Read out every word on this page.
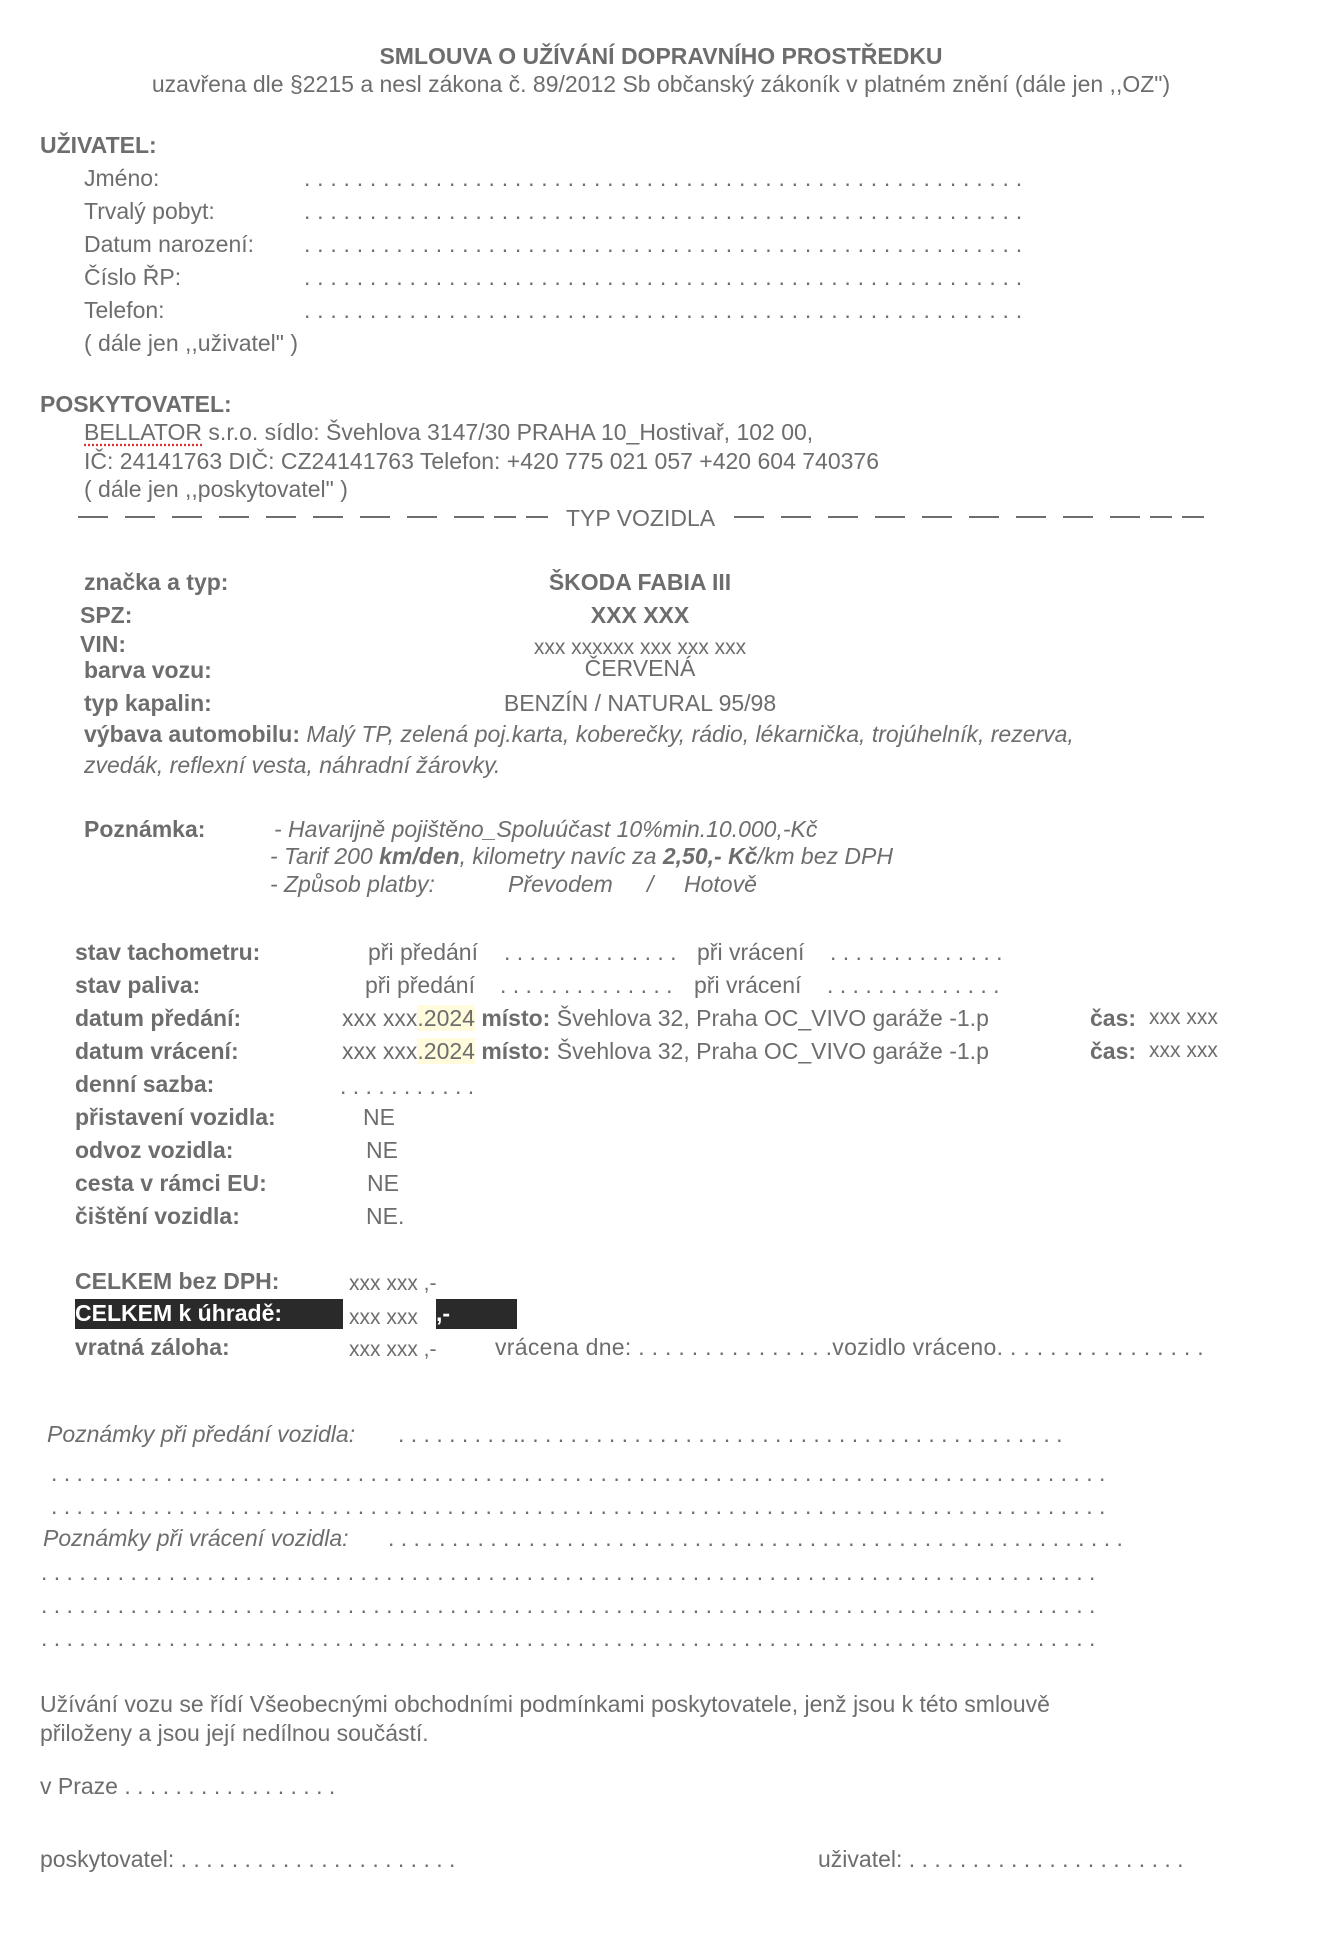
SMLOUVA O UŽÍVÁNÍ DOPRAVNÍHO PROSTŘEDKU
uzavřena dle §2215 a nesl zákona č. 89/2012 Sb občanský zákoník v platném znění (dále jen ,,OZ")
UŽIVATEL:
Jméno:	. . . . . . . . . . . . . . . . . . . . . . . . . . . . . . . . . . . . . . . . . . . . . . . . . . . . . . .
Trvalý pobyt:	. . . . . . . . . . . . . . . . . . . . . . . . . . . . . . . . . . . . . . . . . . . . . . . . . . . . . . .
Datum narození: . . . . . . . . . . . . . . . . . . . . . . . . . . . . . . . . . . . . . . . . . . . . . . . . . . . . . . .
Číslo ŘP:	. . . . . . . . . . . . . . . . . . . . . . . . . . . . . . . . . . . . . . . . . . . . . . . . . . . . . . .
Telefon:	. . . . . . . . . . . . . . . . . . . . . . . . . . . . . . . . . . . . . . . . . . . . . . . . . . . . . . .
( dále jen ,,uživatel" )
POSKYTOVATEL:
BELLATOR s.r.o. sídlo: Švehlova 3147/30 PRAHA 10_Hostivař, 102 00,
IČ: 24141763 DIČ: CZ24141763 Telefon: +420 775 021 057 +420 604 740376
( dále jen ,,poskytovatel" )
TYP VOZIDLA
značka a typ:	ŠKODA FABIA III
SPZ:	XXX XXX
VIN:	xxx xxxxxx xxx xxx xxx
barva vozu:	ČERVENÁ
typ kapalin:	BENZÍN / NATURAL 95/98
výbava automobilu: Malý TP, zelená poj.karta, koberečky, rádio, lékarnička, trojúhelník, rezerva,
zvedák, reflexní vesta, náhradní žárovky.
Poznámka:	- Havarijně pojištěno_Spoluúčast 10%min.10.000,-Kč
- Tarif 200 km/den, kilometry navíc za 2,50,- Kč/km bez DPH
- Způsob platby:	Převodem / Hotově
stav tachometru:	při předání . . . . . . . . . . . . . . při vrácení . . . . . . . . . . . . . .
stav paliva:	při předání . . . . . . . . . . . . . . při vrácení . . . . . . . . . . . . . .
datum předání:	xxx xxx.2024 místo: Švehlova 32, Praha OC_VIVO garáže -1.p	čas: xxx xxx
datum vrácení:	xxx xxx.2024 místo: Švehlova 32, Praha OC_VIVO garáže -1.p	čas: xxx xxx
denní sazba:	. . . . . . . . . . .
přistavení vozidla:	NE
odvoz vozidla:	NE
cesta v rámci EU:	NE
čištění vozidla:	NE.
CELKEM bez DPH:	xxx xxx ,-
CELKEM k úhradě:	xxx xxx ,-
vratná záloha:	xxx xxx ,-	vrácena dne: . . . . . . . . . . . . . . .vozidlo vráceno. . . . . . . . . . . . . . . .
Poznámky při předání vozidla: . . . . . . . . . .. . . . . . . . . . . . . . . . . . . . . . . . . . . . . . . . . . . . . . . . . . .
. . . . . . . . . . . . . . . . . . . . . . . . . . . . . . . . . . . . . . . . . . . . . . . . . . . . . . . . . . . . . . . . . . . . . . . . . . . . . . . . . . .
. . . . . . . . . . . . . . . . . . . . . . . . . . . . . . . . . . . . . . . . . . . . . . . . . . . . . . . . . . . . . . . . . . . . . . . . . . . . . . . . . . .
Poznámky při vrácení vozidla: . . . . . . . . . . . . . . . . . . . . . . . . . . . . . . . . . . . . . . . . . . . . . . . . . . . . . . . . . .
. . . . . . . . . . . . . . . . . . . . . . . . . . . . . . . . . . . . . . . . . . . . . . . . . . . . . . . . . . . . . . . . . . . . . . . . . . . . . . . . . . .
. . . . . . . . . . . . . . . . . . . . . . . . . . . . . . . . . . . . . . . . . . . . . . . . . . . . . . . . . . . . . . . . . . . . . . . . . . . . . . . . . . .
. . . . . . . . . . . . . . . . . . . . . . . . . . . . . . . . . . . . . . . . . . . . . . . . . . . . . . . . . . . . . . . . . . . . . . . . . . . . . . . . . . .
Užívání vozu se řídí Všeobecnými obchodními podmínkami poskytovatele, jenž jsou k této smlouvě
přiloženy a jsou její nedílnou součástí.
v Praze . . . . . . . . . . . . . . . . .
poskytovatel: . . . . . . . . . . . . . . . . . . . . . .	uživatel: . . . . . . . . . . . . . . . . . . . . . .
